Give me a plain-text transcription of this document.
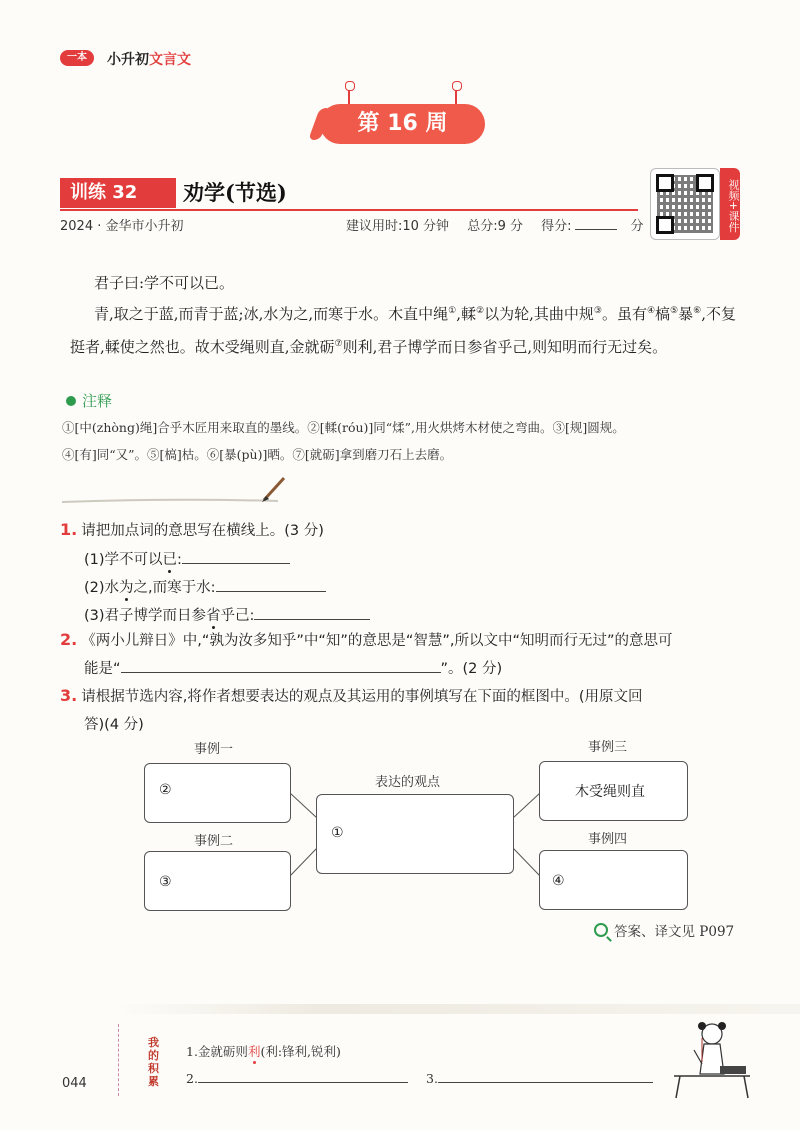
一本	小升初文言文
第 16 周
训练 32	劝学(节选)
2024 · 金华市小升初	建议用时:10 分钟 总分:9 分 得分:	分	视频+课件
君子曰:学不可以已。
青,取之于蓝,而青于蓝;冰,水为之,而寒于水。木直中绳①,輮②以为轮,其曲中规③。虽有④槁⑤暴⑥,不复挺者,輮使之然也。故木受绳则直,金就砺⑦则利,君子博学而日参省乎己,则知明而行无过矣。
注释
①[中(zhòng)绳]合乎木匠用来取直的墨线。②[輮(róu)]同“煣”,用火烘烤木材使之弯曲。③[规]圆规。
④[有]同“又”。⑤[槁]枯。⑥[暴(pù)]晒。⑦[就砺]拿到磨刀石上去磨。
1. 请把加点词的意思写在横线上。(3 分)
(1)学不可以已:
(2)水为之,而寒于水:
(3)君子博学而日参省乎己:
2. 《两小儿辩日》中,“孰为汝多知乎”中“知”的意思是“智慧”,所以文中“知明而行无过”的意思可
能是“	”。(2 分)
3. 请根据节选内容,将作者想要表达的观点及其运用的事例填写在下面的框图中。(用原文回
答)(4 分)
事例一	事例三
表达的观点
事例二	事例四
②
③
①
木受绳则直
④
答案、译文见 P097
我的积累
1.金就砺则利(利:锋利,锐利)
2.	3.
044
